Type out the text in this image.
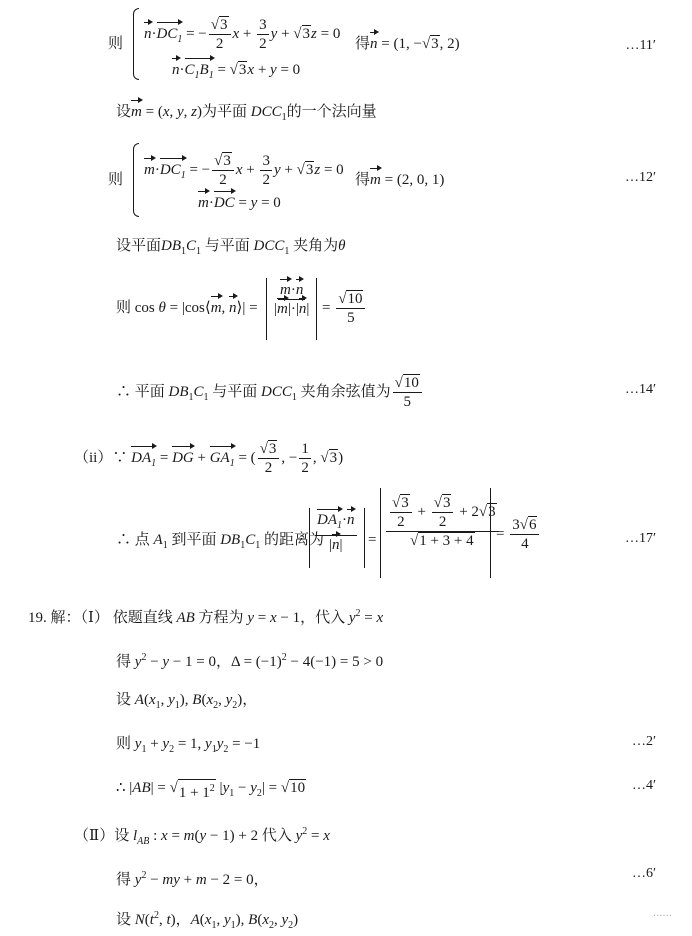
则
$n\cdot DC_1$ = − $\frac{√ 3}{2}$ $x + \frac{3}{2}$ y + √ 3 z = 0
得n = (1, − √ 3 , 2)	…11′
$n\cdot C_1B_1$ = √ 3 x + y = 0
设m = (x, y, z)为平面 $DCC_1$的一个法向量
则
$m\cdot DC_1$ = − $\frac{√ 3}{2}$ $x + \frac{3}{2}$ y + √ 3 z = 0
得m = (2, 0, 1)	…12′
m·DC = y = 0
设平面$DB_1C_1$ 与平面 $DCC_1$ 夹角为θ
则 cos θ = |cos⟨m, n⟩| = $\frac{m\cdot n}{|m|\cdot|n|} = \frac{√ 10}{5}$
∴ 平面 $DB_1C_1$ 与平面 $DCC_1$ 夹角余弦值为 $\frac{√ 10}{5}$	…14′
（ii）∵ $DA_1$ = DG + $GA_1$ = ( $\frac{√ 3}{2}$ , − $\frac{1}{2}$ , √ 3 )
∴ 点 $A_1$ 到平面 $DB_1C_1$ 的距离为
$\frac{DA_1\cdot n}{|n|} = \frac{\frac{√ 3}{2} + \frac{√ 3}{2} + 2 √ 3}{√ 1 + 3 + 4}$
= $\frac{3 √ 6}{4}$	…17′
19. 解：（Ⅰ） 依题直线 AB 方程为 y = x − 1，代入 $y^2 = x$
得 $y^2 - y - 1 = 0$，$\Delta = (-1)^2 - 4(-1) = 5 > 0$
设 $A(x_1$, $y_1$), $B(x_2$, $y_2$)，
则 $y_1 + y_2 = 1$, $y_1y_2 = -1$	…2′
∴ |AB| = √ $1 + 1^2$ $|y_1 - y_2|$ = √ 10	…4′
（Ⅱ）设 $l_{AB}$ : x = m(y − 1) + 2 代入 $y^2 = x$
得 $y^2$ − my + m − 2 = 0，	…6′
设 $N(t^2$, t)，$A(x_1$, $y_1$), $B(x_2$, $y_2$)	······
